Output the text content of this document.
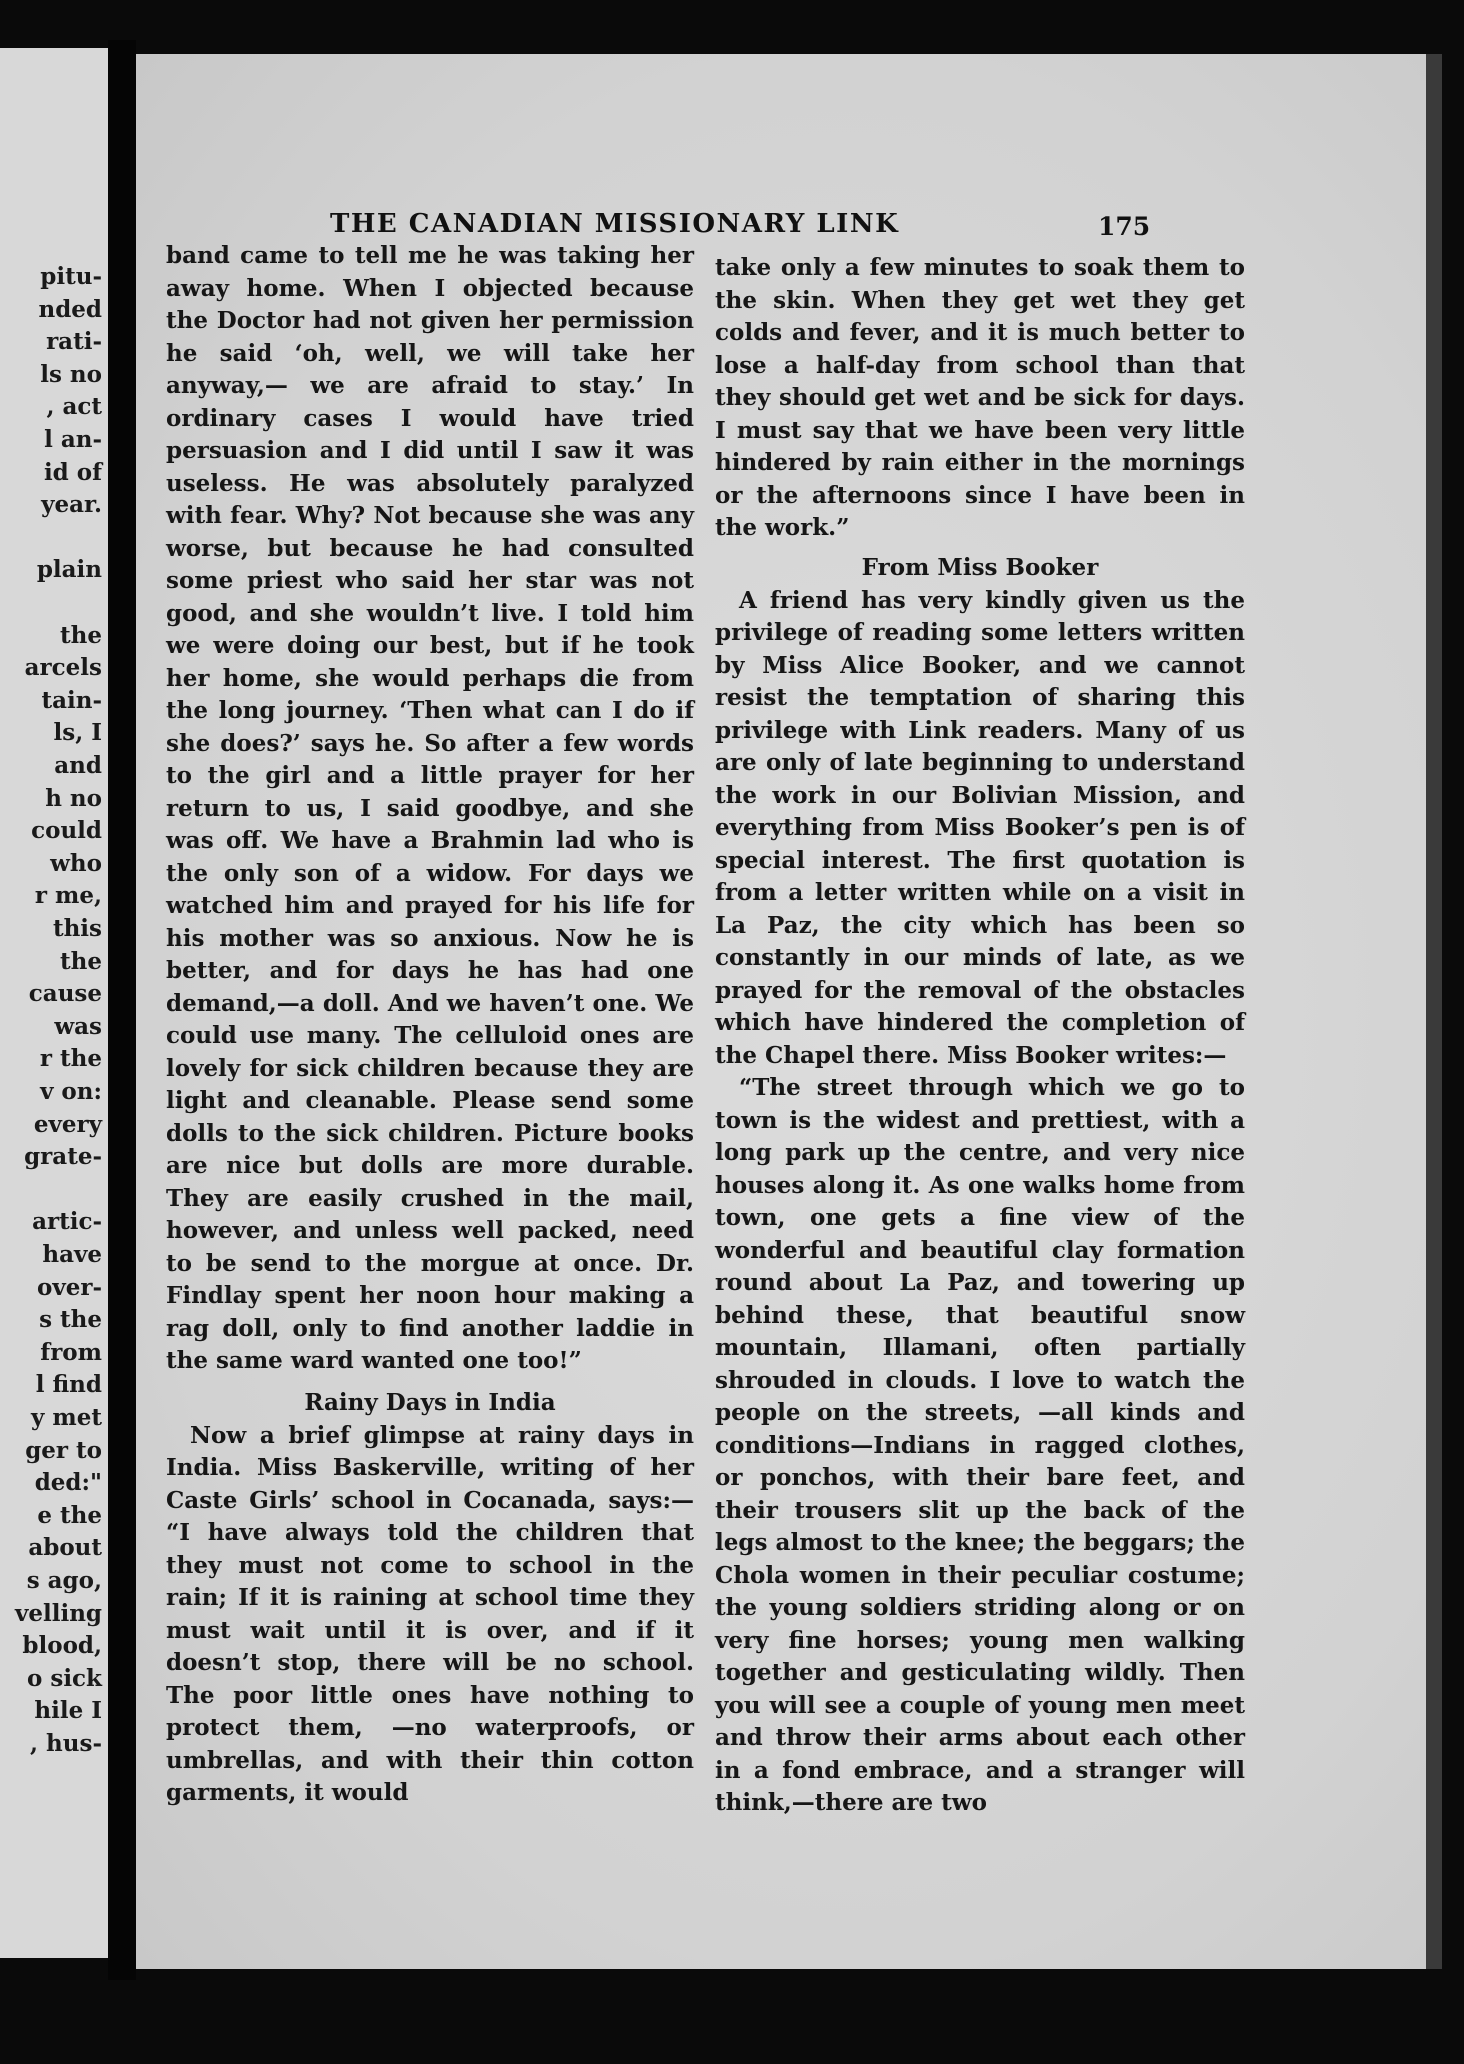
pitu-
nded
rati-
ls no
, act
l an-
id of
year.
plain
the
arcels
tain-
ls, I
and
h no
could
who
r me,
this
the
cause
was
r the
v on:
every
grate-
artic-
have
over-
s the
from
l find
y met
ger to
ded:"
e the
about
s ago,
velling
blood,
o sick
hile I
, hus-
THE CANADIAN MISSIONARY LINK	175

band came to tell me he was taking her away home. When I objected because the Doctor had not given her permission he said ‘oh, well, we will take her anyway,— we are afraid to stay.’ In ordinary cases I would have tried persuasion and I did until I saw it was useless. He was absolutely paralyzed with fear. Why? Not because she was any worse, but because he had consulted some priest who said her star was not good, and she wouldn’t live. I told him we were doing our best, but if he took her home, she would perhaps die from the long journey. ‘Then what can I do if she does?’ says he. So after a few words to the girl and a little prayer for her return to us, I said goodbye, and she was off. We have a Brahmin lad who is the only son of a widow. For days we watched him and prayed for his life for his mother was so anxious. Now he is better, and for days he has had one demand,—a doll. And we haven’t one. We could use many. The celluloid ones are lovely for sick children because they are light and cleanable. Please send some dolls to the sick children. Picture books are nice but dolls are more durable. They are easily crushed in the mail, however, and unless well packed, need to be send to the morgue at once. Dr. Findlay spent her noon hour making a rag doll, only to find another laddie in the same ward wanted one too!”

Rainy Days in India

Now a brief glimpse at rainy days in India. Miss Baskerville, writing of her Caste Girls’ school in Cocanada, says:— “I have always told the children that they must not come to school in the rain; If it is raining at school time they must wait until it is over, and if it doesn’t stop, there will be no school. The poor little ones have nothing to protect them, —no waterproofs, or umbrellas, and with their thin cotton garments, it would

take only a few minutes to soak them to the skin. When they get wet they get colds and fever, and it is much better to lose a half-day from school than that they should get wet and be sick for days. I must say that we have been very little hindered by rain either in the mornings or the afternoons since I have been in the work.”

From Miss Booker

A friend has very kindly given us the privilege of reading some letters written by Miss Alice Booker, and we cannot resist the temptation of sharing this privilege with Link readers. Many of us are only of late beginning to understand the work in our Bolivian Mission, and everything from Miss Booker’s pen is of special interest. The first quotation is from a letter written while on a visit in La Paz, the city which has been so constantly in our minds of late, as we prayed for the removal of the obstacles which have hindered the completion of the Chapel there. Miss Booker writes:—

“The street through which we go to town is the widest and prettiest, with a long park up the centre, and very nice houses along it. As one walks home from town, one gets a fine view of the wonderful and beautiful clay formation round about La Paz, and towering up behind these, that beautiful snow mountain, Illamani, often partially shrouded in clouds. I love to watch the people on the streets, —all kinds and conditions—Indians in ragged clothes, or ponchos, with their bare feet, and their trousers slit up the back of the legs almost to the knee; the beggars; the Chola women in their peculiar costume; the young soldiers striding along or on very fine horses; young men walking together and gesticulating wildly. Then you will see a couple of young men meet and throw their arms about each other in a fond embrace, and a stranger will think,—there are two
